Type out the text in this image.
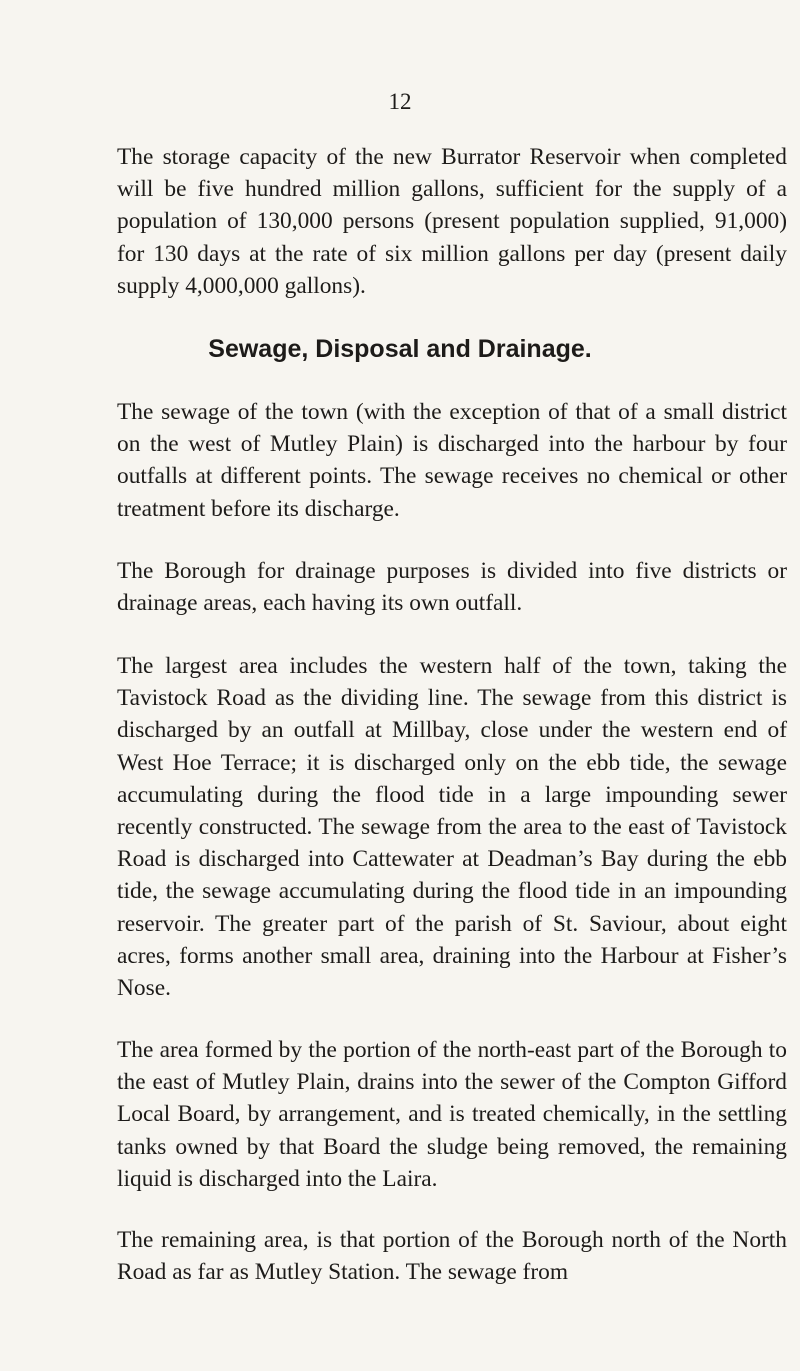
12

The storage capacity of the new Burrator Reservoir when completed will be five hundred million gallons, sufficient for the supply of a population of 130,000 persons (present population supplied, 91,000) for 130 days at the rate of six million gallons per day (present daily supply 4,000,000 gallons).

Sewage, Disposal and Drainage.

The sewage of the town (with the exception of that of a small district on the west of Mutley Plain) is discharged into the harbour by four outfalls at different points. The sewage receives no chemical or other treatment before its discharge.

The Borough for drainage purposes is divided into five districts or drainage areas, each having its own outfall.

The largest area includes the western half of the town, taking the Tavistock Road as the dividing line. The sewage from this district is discharged by an outfall at Millbay, close under the western end of West Hoe Terrace; it is discharged only on the ebb tide, the sewage accumulating during the flood tide in a large impounding sewer recently constructed. The sewage from the area to the east of Tavistock Road is discharged into Cattewater at Deadman’s Bay during the ebb tide, the sewage accumulating during the flood tide in an impounding reservoir. The greater part of the parish of St. Saviour, about eight acres, forms another small area, draining into the Harbour at Fisher’s Nose.

The area formed by the portion of the north-east part of the Borough to the east of Mutley Plain, drains into the sewer of the Compton Gifford Local Board, by arrangement, and is treated chemically, in the settling tanks owned by that Board the sludge being removed, the remaining liquid is discharged into the Laira.

The remaining area, is that portion of the Borough north of the North Road as far as Mutley Station. The sewage from
